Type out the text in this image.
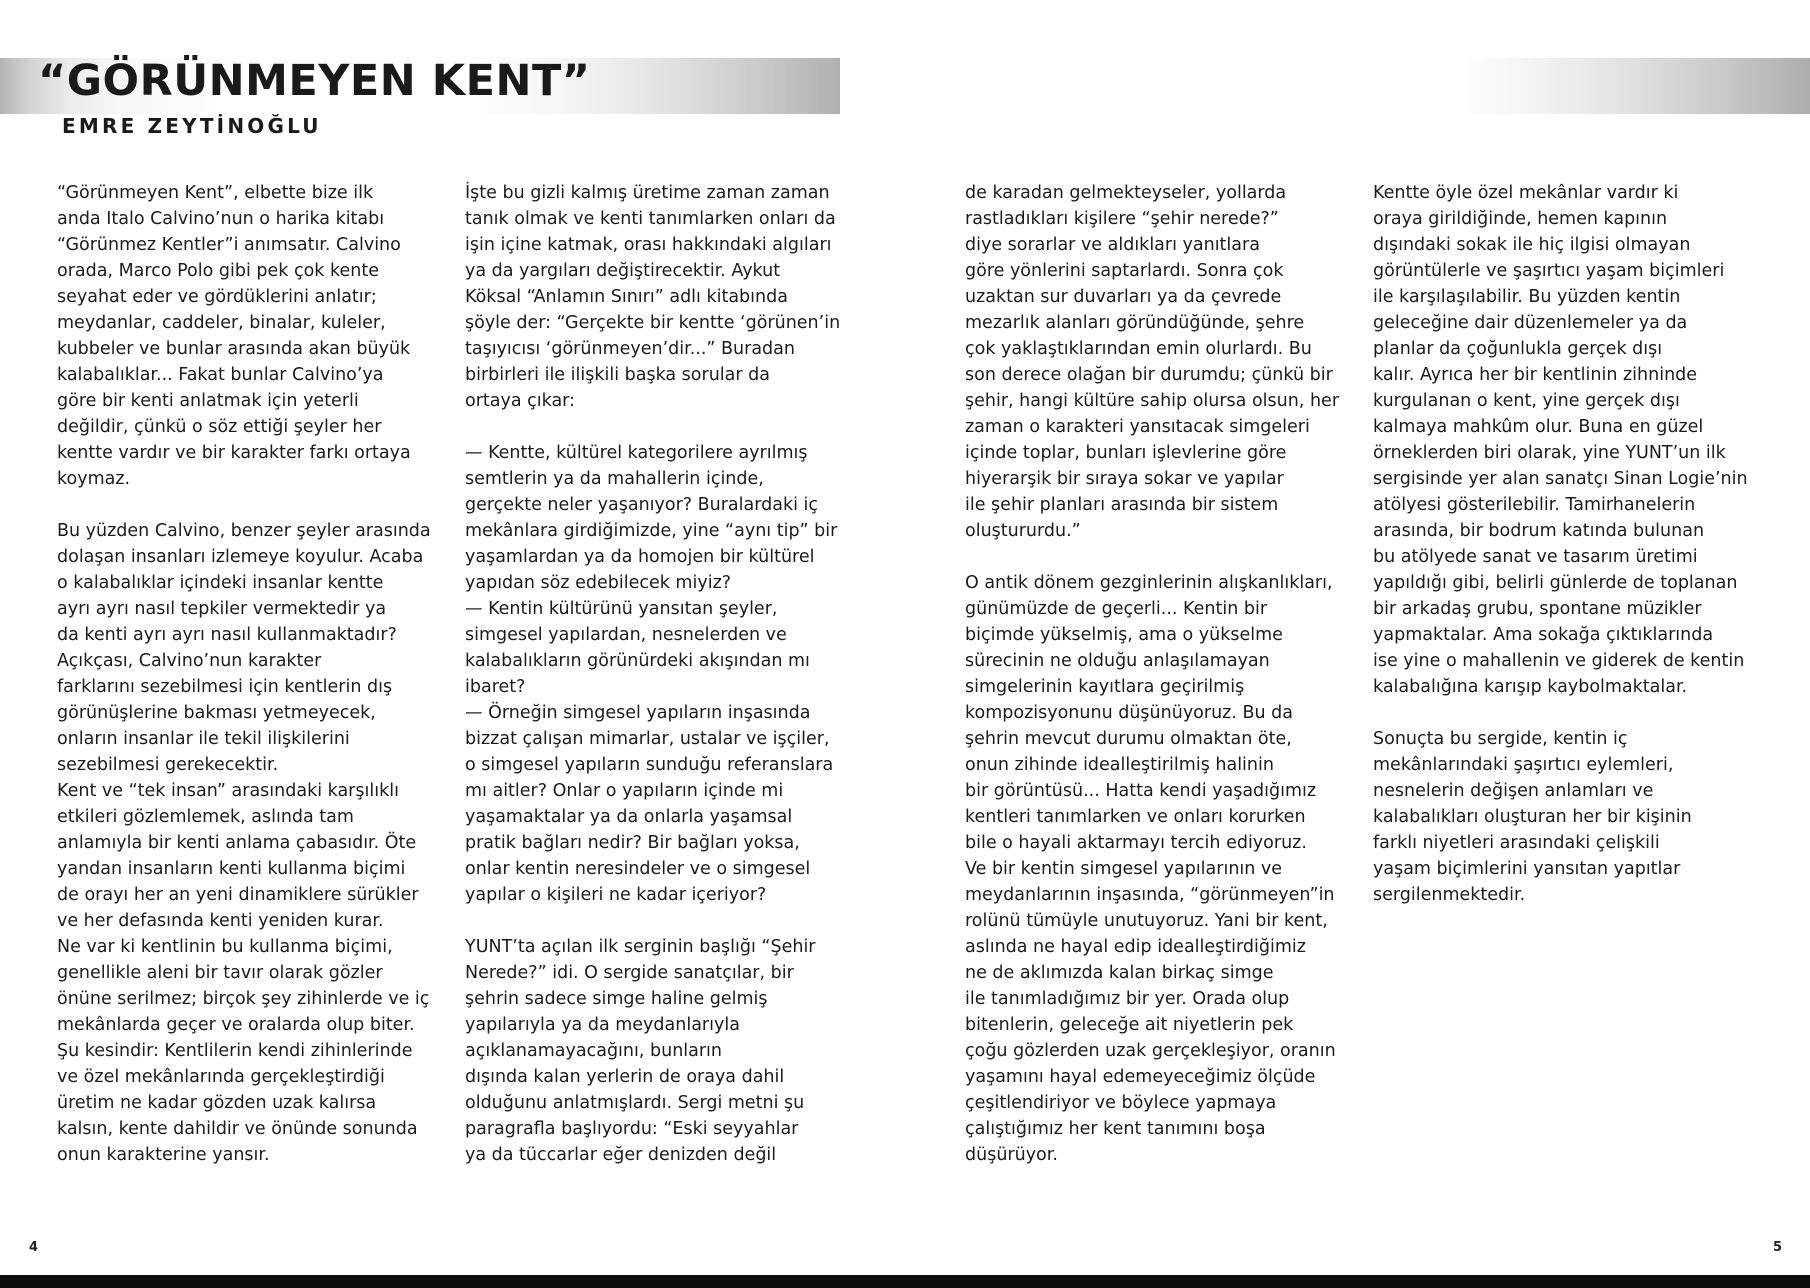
“GÖRÜNMEYEN KENT”
EMRE ZEYTİNOĞLU
“Görünmeyen Kent”, elbette bize ilk
anda Italo Calvino’nun o harika kitabı
“Görünmez Kentler”i anımsatır. Calvino
orada, Marco Polo gibi pek çok kente
seyahat eder ve gördüklerini anlatır;
meydanlar, caddeler, binalar, kuleler,
kubbeler ve bunlar arasında akan büyük
kalabalıklar... Fakat bunlar Calvino’ya
göre bir kenti anlatmak için yeterli
değildir, çünkü o söz ettiği şeyler her
kentte vardır ve bir karakter farkı ortaya
koymaz.
Bu yüzden Calvino, benzer şeyler arasında
dolaşan insanları izlemeye koyulur. Acaba
o kalabalıklar içindeki insanlar kentte
ayrı ayrı nasıl tepkiler vermektedir ya
da kenti ayrı ayrı nasıl kullanmaktadır?
Açıkçası, Calvino’nun karakter
farklarını sezebilmesi için kentlerin dış
görünüşlerine bakması yetmeyecek,
onların insanlar ile tekil ilişkilerini
sezebilmesi gerekecektir.
Kent ve “tek insan” arasındaki karşılıklı
etkileri gözlemlemek, aslında tam
anlamıyla bir kenti anlama çabasıdır. Öte
yandan insanların kenti kullanma biçimi
de orayı her an yeni dinamiklere sürükler
ve her defasında kenti yeniden kurar.
Ne var ki kentlinin bu kullanma biçimi,
genellikle aleni bir tavır olarak gözler
önüne serilmez; birçok şey zihinlerde ve iç
mekânlarda geçer ve oralarda olup biter.
Şu kesindir: Kentlilerin kendi zihinlerinde
ve özel mekânlarında gerçekleştirdiği
üretim ne kadar gözden uzak kalırsa
kalsın, kente dahildir ve önünde sonunda
onun karakterine yansır.
İşte bu gizli kalmış üretime zaman zaman
tanık olmak ve kenti tanımlarken onları da
işin içine katmak, orası hakkındaki algıları
ya da yargıları değiştirecektir. Aykut
Köksal “Anlamın Sınırı” adlı kitabında
şöyle der: “Gerçekte bir kentte ‘görünen’in
taşıyıcısı ‘görünmeyen’dir...” Buradan
birbirleri ile ilişkili başka sorular da
ortaya çıkar:
— Kentte, kültürel kategorilere ayrılmış
semtlerin ya da mahallerin içinde,
gerçekte neler yaşanıyor? Buralardaki iç
mekânlara girdiğimizde, yine “aynı tip” bir
yaşamlardan ya da homojen bir kültürel
yapıdan söz edebilecek miyiz?
— Kentin kültürünü yansıtan şeyler,
simgesel yapılardan, nesnelerden ve
kalabalıkların görünürdeki akışından mı
ibaret?
— Örneğin simgesel yapıların inşasında
bizzat çalışan mimarlar, ustalar ve işçiler,
o simgesel yapıların sunduğu referanslara
mı aitler? Onlar o yapıların içinde mi
yaşamaktalar ya da onlarla yaşamsal
pratik bağları nedir? Bir bağları yoksa,
onlar kentin neresindeler ve o simgesel
yapılar o kişileri ne kadar içeriyor?
YUNT’ta açılan ilk serginin başlığı “Şehir
Nerede?” idi. O sergide sanatçılar, bir
şehrin sadece simge haline gelmiş
yapılarıyla ya da meydanlarıyla
açıklanamayacağını, bunların
dışında kalan yerlerin de oraya dahil
olduğunu anlatmışlardı. Sergi metni şu
paragrafla başlıyordu: “Eski seyyahlar
ya da tüccarlar eğer denizden değil
4
de karadan gelmekteyseler, yollarda
rastladıkları kişilere “şehir nerede?”
diye sorarlar ve aldıkları yanıtlara
göre yönlerini saptarlardı. Sonra çok
uzaktan sur duvarları ya da çevrede
mezarlık alanları göründüğünde, şehre
çok yaklaştıklarından emin olurlardı. Bu
son derece olağan bir durumdu; çünkü bir
şehir, hangi kültüre sahip olursa olsun, her
zaman o karakteri yansıtacak simgeleri
içinde toplar, bunları işlevlerine göre
hiyerarşik bir sıraya sokar ve yapılar
ile şehir planları arasında bir sistem
oluştururdu.”
O antik dönem gezginlerinin alışkanlıkları,
günümüzde de geçerli... Kentin bir
biçimde yükselmiş, ama o yükselme
sürecinin ne olduğu anlaşılamayan
simgelerinin kayıtlara geçirilmiş
kompozisyonunu düşünüyoruz. Bu da
şehrin mevcut durumu olmaktan öte,
onun zihinde idealleştirilmiş halinin
bir görüntüsü... Hatta kendi yaşadığımız
kentleri tanımlarken ve onları korurken
bile o hayali aktarmayı tercih ediyoruz.
Ve bir kentin simgesel yapılarının ve
meydanlarının inşasında, “görünmeyen”in
rolünü tümüyle unutuyoruz. Yani bir kent,
aslında ne hayal edip idealleştirdiğimiz
ne de aklımızda kalan birkaç simge
ile tanımladığımız bir yer. Orada olup
bitenlerin, geleceğe ait niyetlerin pek
çoğu gözlerden uzak gerçekleşiyor, oranın
yaşamını hayal edemeyeceğimiz ölçüde
çeşitlendiriyor ve böylece yapmaya
çalıştığımız her kent tanımını boşa
düşürüyor.
Kentte öyle özel mekânlar vardır ki
oraya girildiğinde, hemen kapının
dışındaki sokak ile hiç ilgisi olmayan
görüntülerle ve şaşırtıcı yaşam biçimleri
ile karşılaşılabilir. Bu yüzden kentin
geleceğine dair düzenlemeler ya da
planlar da çoğunlukla gerçek dışı
kalır. Ayrıca her bir kentlinin zihninde
kurgulanan o kent, yine gerçek dışı
kalmaya mahkûm olur. Buna en güzel
örneklerden biri olarak, yine YUNT’un ilk
sergisinde yer alan sanatçı Sinan Logie’nin
atölyesi gösterilebilir. Tamirhanelerin
arasında, bir bodrum katında bulunan
bu atölyede sanat ve tasarım üretimi
yapıldığı gibi, belirli günlerde de toplanan
bir arkadaş grubu, spontane müzikler
yapmaktalar. Ama sokağa çıktıklarında
ise yine o mahallenin ve giderek de kentin
kalabalığına karışıp kaybolmaktalar.
Sonuçta bu sergide, kentin iç
mekânlarındaki şaşırtıcı eylemleri,
nesnelerin değişen anlamları ve
kalabalıkları oluşturan her bir kişinin
farklı niyetleri arasındaki çelişkili
yaşam biçimlerini yansıtan yapıtlar
sergilenmektedir.
5
